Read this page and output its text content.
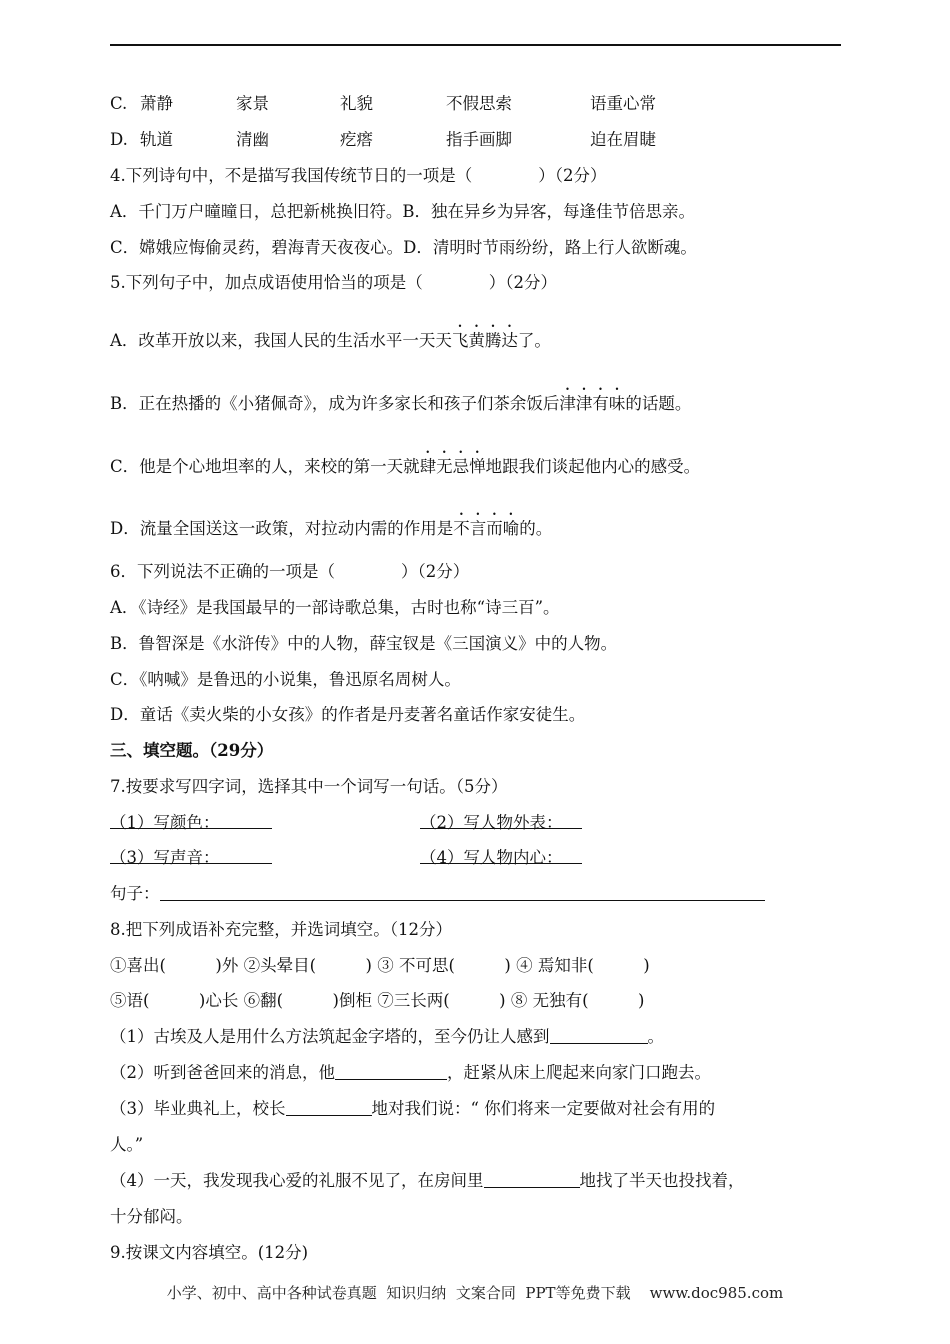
C. 萧静	家景	礼貌	不假思索	语重心常
D. 轨道	清幽	疙瘩	指手画脚	迫在眉睫
4.下列诗句中，不是描写我国传统节日的一项是（　　　　）（2分）
A．千门万户曈曈日，总把新桃换旧符。B．独在异乡为异客，每逢佳节倍思亲。
C．嫦娥应悔偷灵药，碧海青天夜夜心。D．清明时节雨纷纷，路上行人欲断魂。
5.下列句子中，加点成语使用恰当的项是（　　　　）（2分）
A．改革开放以来，我国人民的生活水平一天天飞黄腾达了。
B．正在热播的《小猪佩奇》，成为许多家长和孩子们茶余饭后津津有味的话题。
C．他是个心地坦率的人，来校的第一天就肆无忌惮地跟我们谈起他内心的感受。
D．流量全国送这一政策，对拉动内需的作用是不言而喻的。
6．下列说法不正确的一项是（　　　　）（2分）
A．《诗经》是我国最早的一部诗歌总集，古时也称“诗三百”。
B．鲁智深是《水浒传》中的人物，薛宝钗是《三国演义》中的人物。
C．《呐喊》是鲁迅的小说集，鲁迅原名周树人。
D．童话《卖火柴的小女孩》的作者是丹麦著名童话作家安徒生。
三、填空题。（29分）
7.按要求写四字词，选择其中一个词写一句话。（5分）
（1）写颜色：	（2）写人物外表：
（3）写声音：	（4）写人物内心：
句子：
8.把下列成语补充完整，并选词填空。（12分）
①喜出(　　　)外 ②头晕目(　　　) ③ 不可思(　　　) ④ 焉知非(　　　)
⑤语(　　　)心长 ⑥翻(　　　)倒柜 ⑦三长两(　　　) ⑧ 无独有(　　　)
（1）古埃及人是用什么方法筑起金字塔的，至今仍让人感到	。
（2）听到爸爸回来的消息，他	，赶紧从床上爬起来向家门口跑去。
（3）毕业典礼上，校长	地对我们说：“ 你们将来一定要做对社会有用的
人。”
（4）一天，我发现我心爱的礼服不见了，在房间里	地找了半天也投找着，
十分郁闷。
9.按课文内容填空。(12分)
小学、初中、高中各种试卷真题  知识归纳  文案合同  PPT等免费下载    www.doc985.com
